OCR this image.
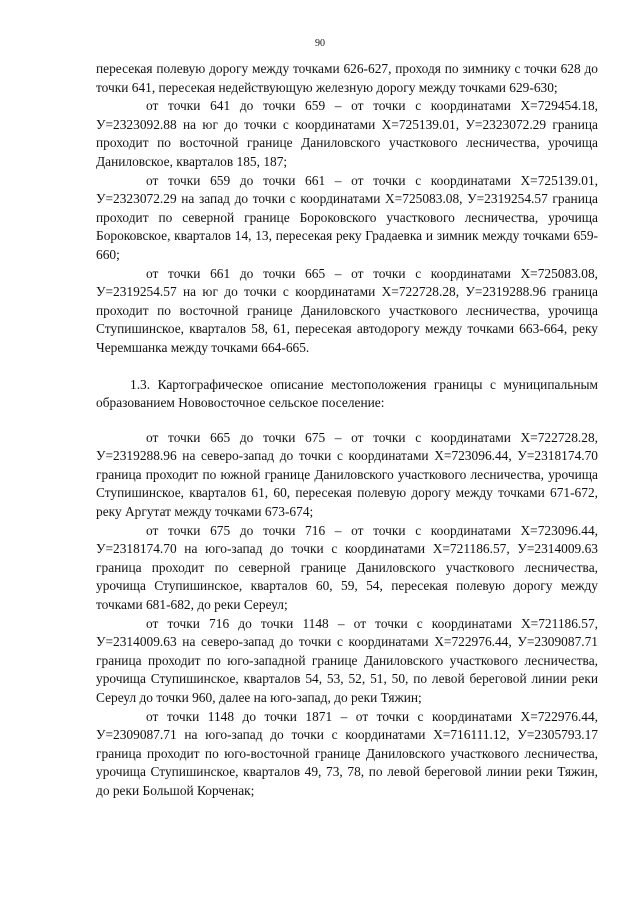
90

пересекая полевую дорогу между точками 626-627, проходя по зимнику с точки 628 до точки 641, пересекая недействующую железную дорогу между точками 629-630;

от точки 641 до точки 659 – от точки с координатами Х=729454.18, У=2323092.88 на юг до точки с координатами Х=725139.01, У=2323072.29 граница проходит по восточной границе Даниловского участкового лесничества, урочища Даниловское, кварталов 185, 187;

от точки 659 до точки 661 – от точки с координатами Х=725139.01, У=2323072.29 на запад до точки с координатами Х=725083.08, У=2319254.57 граница проходит по северной границе Бороковского участкового лесничества, урочища Бороковское, кварталов 14, 13, пересекая реку Градаевка и зимник между точками 659-660;

от точки 661 до точки 665 – от точки с координатами Х=725083.08, У=2319254.57 на юг до точки с координатами Х=722728.28, У=2319288.96 граница проходит по восточной границе Даниловского участкового лесничества, урочища Ступишинское, кварталов 58, 61, пересекая автодорогу между точками 663-664, реку Черемшанка между точками 664-665.

1.3. Картографическое описание местоположения границы с муниципальным образованием Нововосточное сельское поселение:

от точки 665 до точки 675 – от точки с координатами Х=722728.28, У=2319288.96 на северо-запад до точки с координатами Х=723096.44, У=2318174.70 граница проходит по южной границе Даниловского участкового лесничества, урочища Ступишинское, кварталов 61, 60, пересекая полевую дорогу между точками 671-672, реку Аргутат между точками 673-674;

от точки 675 до точки 716 – от точки с координатами Х=723096.44, У=2318174.70 на юго-запад до точки с координатами Х=721186.57, У=2314009.63 граница проходит по северной границе Даниловского участкового лесничества, урочища Ступишинское, кварталов 60, 59, 54, пересекая полевую дорогу между точками 681-682, до реки Сереул;

от точки 716 до точки 1148 – от точки с координатами Х=721186.57, У=2314009.63 на северо-запад до точки с координатами Х=722976.44, У=2309087.71 граница проходит по юго-западной границе Даниловского участкового лесничества, урочища Ступишинское, кварталов 54, 53, 52, 51, 50, по левой береговой линии реки Сереул до точки 960, далее на юго-запад, до реки Тяжин;

от точки 1148 до точки 1871 – от точки с координатами Х=722976.44, У=2309087.71 на юго-запад до точки с координатами Х=716111.12, У=2305793.17 граница проходит по юго-восточной границе Даниловского участкового лесничества, урочища Ступишинское, кварталов 49, 73, 78, по левой береговой линии реки Тяжин, до реки Большой Корченак;
